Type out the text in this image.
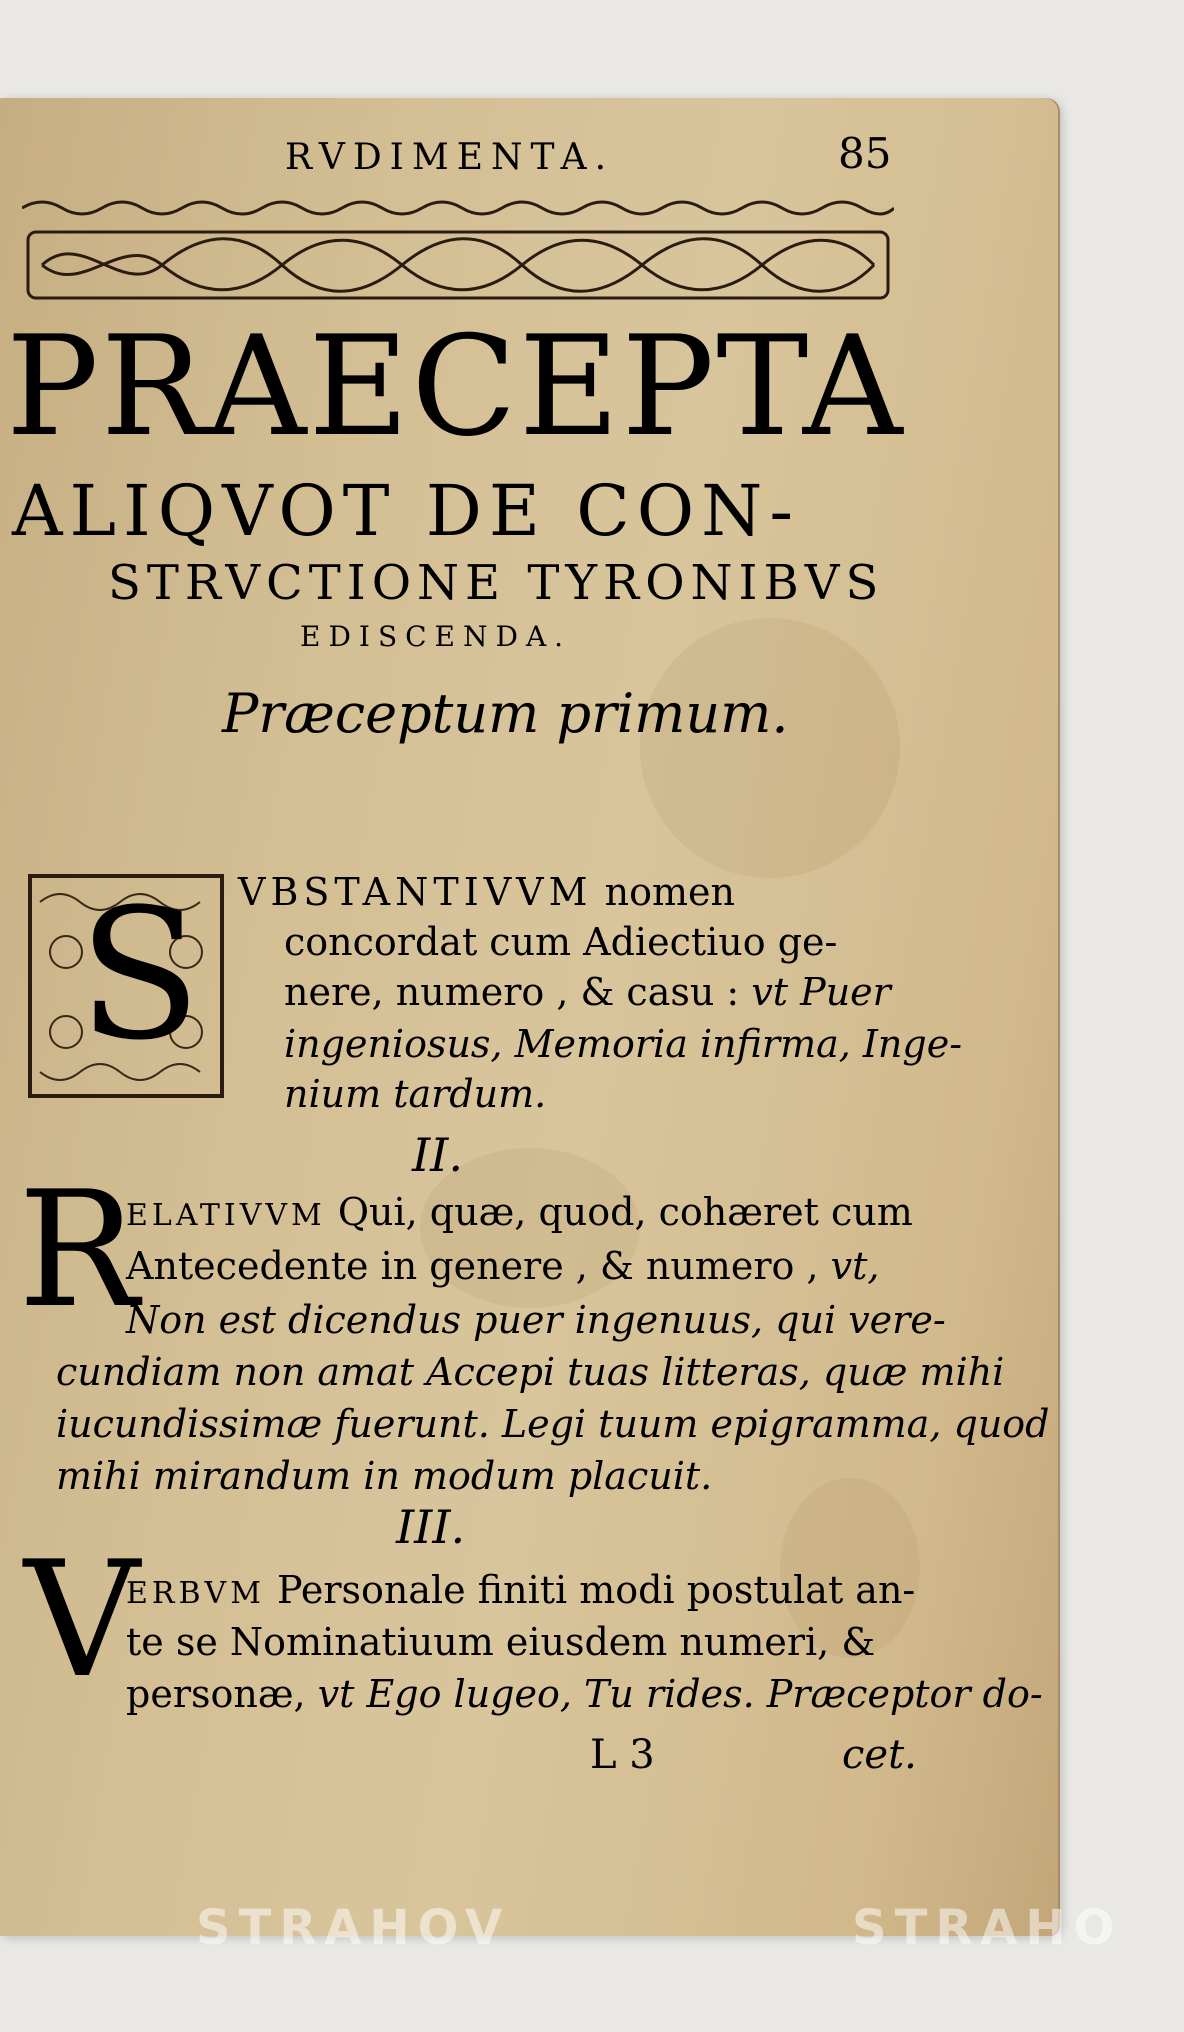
RVDIMENTA.	85
PRAECEPTA
ALIQVOT DE CON-
STRVCTIONE TYRONIBVS
EDISCENDA.
Præceptum primum.
S VBSTANTIVVM nomen
concordat cum Adiectiuo ge-
nere, numero , & casu : vt Puer
ingeniosus, Memoria infirma, Inge-
nium tardum.
II.
R
ELATIVVM Qui, quæ, quod, cohæret cum
Antecedente in genere , & numero , vt,
Non est dicendus puer ingenuus, qui vere-
cundiam non amat Accepi tuas litteras, quæ mihi
iucundissimæ fuerunt. Legi tuum epigramma, quod
mihi mirandum in modum placuit.
III.
V
ERBVM Personale finiti modi postulat an-
te se Nominatiuum eiusdem numeri, &
personæ, vt Ego lugeo, Tu rides. Præceptor do-
L 3	cet.
STRAHOV	STRAHO
